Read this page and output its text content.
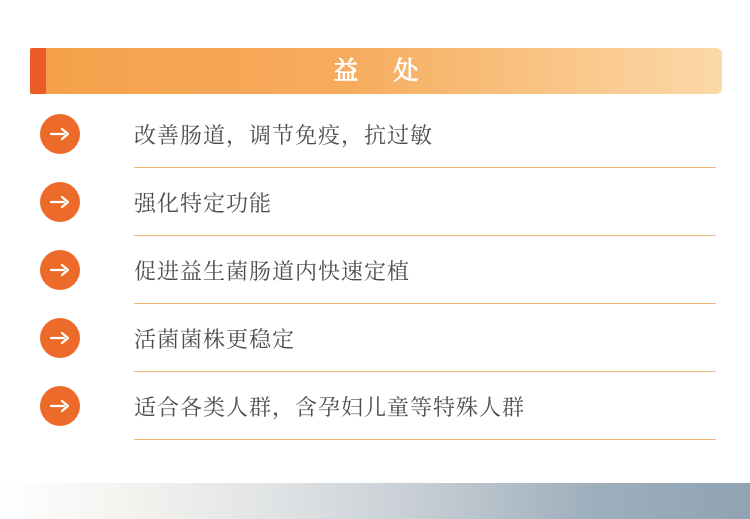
益 处
改善肠道，调节免疫，抗过敏
强化特定功能
促进益生菌肠道内快速定植
活菌菌株更稳定
适合各类人群，含孕妇儿童等特殊人群
